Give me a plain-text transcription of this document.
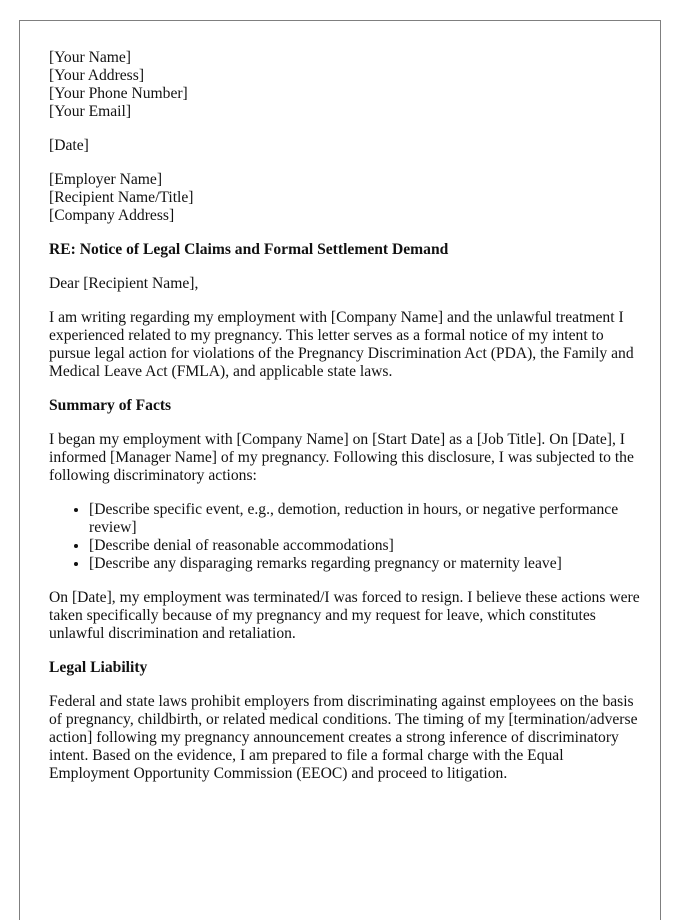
[Your Name]
[Your Address]
[Your Phone Number]
[Your Email]
[Date]
[Employer Name]
[Recipient Name/Title]
[Company Address]

RE: Notice of Legal Claims and Formal Settlement Demand

Dear [Recipient Name],

I am writing regarding my employment with [Company Name] and the unlawful treatment I experienced related to my pregnancy. This letter serves as a formal notice of my intent to pursue legal action for violations of the Pregnancy Discrimination Act (PDA), the Family and Medical Leave Act (FMLA), and applicable state laws.

Summary of Facts

I began my employment with [Company Name] on [Start Date] as a [Job Title]. On [Date], I informed [Manager Name] of my pregnancy. Following this disclosure, I was subjected to the following discriminatory actions:

• [Describe specific event, e.g., demotion, reduction in hours, or negative performance review]
• [Describe denial of reasonable accommodations]
• [Describe any disparaging remarks regarding pregnancy or maternity leave]

On [Date], my employment was terminated/I was forced to resign. I believe these actions were taken specifically because of my pregnancy and my request for leave, which constitutes unlawful discrimination and retaliation.

Legal Liability

Federal and state laws prohibit employers from discriminating against employees on the basis of pregnancy, childbirth, or related medical conditions. The timing of my [termination/adverse action] following my pregnancy announcement creates a strong inference of discriminatory intent. Based on the evidence, I am prepared to file a formal charge with the Equal Employment Opportunity Commission (EEOC) and proceed to litigation.
